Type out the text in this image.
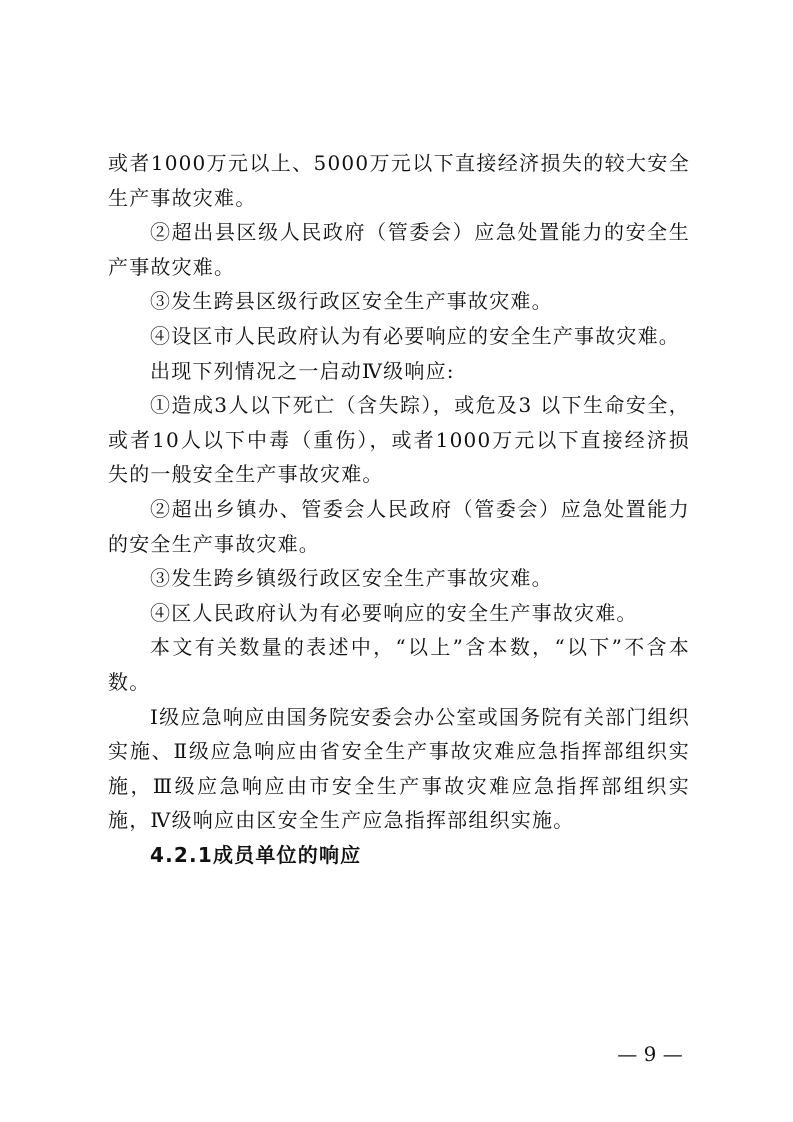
或者1000万元以上、5000万元以下直接经济损失的较大安全生产事故灾难。

②超出县区级人民政府（管委会）应急处置能力的安全生产事故灾难。

③发生跨县区级行政区安全生产事故灾难。

④设区市人民政府认为有必要响应的安全生产事故灾难。

出现下列情况之一启动Ⅳ级响应:

①造成3人以下死亡（含失踪），或危及3 以下生命安全，或者10人以下中毒（重伤），或者1000万元以下直接经济损失的一般安全生产事故灾难。

②超出乡镇办、管委会人民政府（管委会）应急处置能力的安全生产事故灾难。

③发生跨乡镇级行政区安全生产事故灾难。

④区人民政府认为有必要响应的安全生产事故灾难。

本文有关数量的表述中，“以上”含本数，“以下”不含本数。

Ⅰ级应急响应由国务院安委会办公室或国务院有关部门组织实施、Ⅱ级应急响应由省安全生产事故灾难应急指挥部组织实施，Ⅲ级应急响应由市安全生产事故灾难应急指挥部组织实施，Ⅳ级响应由区安全生产应急指挥部组织实施。

4.2.1成员单位的响应

— 9 —
